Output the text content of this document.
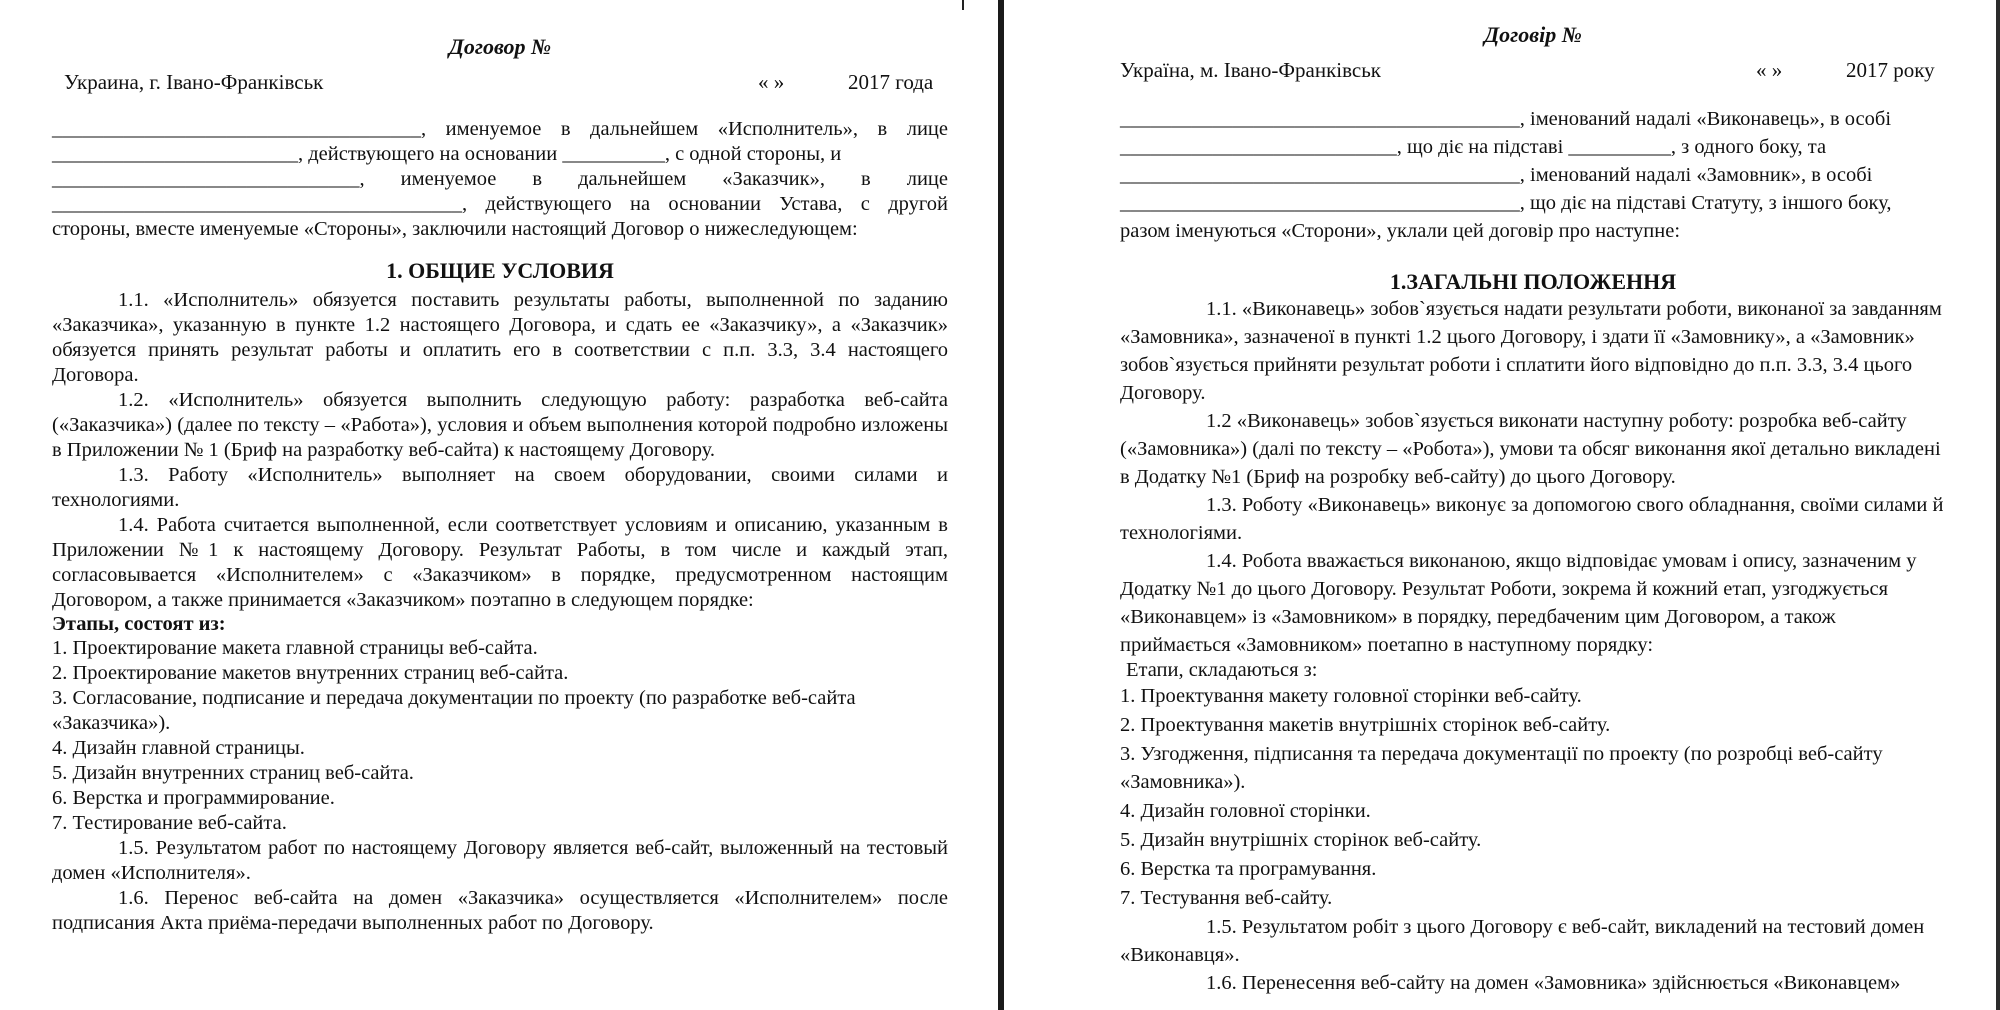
Договор №
Украина, г. Івано-Франківськ	« »	2017 года

____________________________________, именуемое в дальнейшем «Исполнитель», в лице ________________________, действующего на основании __________, с одной стороны, и

______________________________, именуемое в дальнейшем «Заказчик», в лице ________________________________________, действующего на основании Устава, с другой стороны, вместе именуемые «Стороны», заключили настоящий Договор о нижеследующем:

1. ОБЩИЕ УСЛОВИЯ

1.1. «Исполнитель» обязуется поставить результаты работы, выполненной по заданию «Заказчика», указанную в пункте 1.2 настоящего Договора, и сдать ее «Заказчику», а «Заказчик» обязуется принять результат работы и оплатить его в соответствии с п.п. 3.3, 3.4 настоящего Договора.

1.2. «Исполнитель» обязуется выполнить следующую работу: разработка веб-сайта («Заказчика») (далее по тексту – «Работа»), условия и объем выполнения которой подробно изложены в Приложении № 1 (Бриф на разработку веб-сайта) к настоящему Договору.

1.3. Работу «Исполнитель» выполняет на своем оборудовании, своими силами и технологиями.

1.4. Работа считается выполненной, если соответствует условиям и описанию, указанным в Приложении №1 к настоящему Договору. Результат Работы, в том числе и каждый этап, согласовывается «Исполнителем» с «Заказчиком» в порядке, предусмотренном настоящим Договором, а также принимается «Заказчиком» поэтапно в следующем порядке:

Этапы, состоят из:
1. Проектирование макета главной страницы веб-сайта.
2. Проектирование макетов внутренних страниц веб-сайта.
3. Согласование, подписание и передача документации по проекту (по разработке веб-сайта «Заказчика»).
4. Дизайн главной страницы.
5. Дизайн внутренних страниц веб-сайта.
6. Верстка и программирование.
7. Тестирование веб-сайта.

1.5. Результатом работ по настоящему Договору является веб-сайт, выложенный на тестовый домен «Исполнителя».

1.6. Перенос веб-сайта на домен «Заказчика» осуществляется «Исполнителем» после подписания Акта приёма-передачи выполненных работ по Договору.

Договір №
Україна, м. Івано-Франківськ	« »	2017 року

_______________________________________, іменований надалі «Виконавець», в особі ___________________________, що діє на підставі __________, з одного боку, та _______________________________________, іменований надалі «Замовник», в особі _______________________________________, що діє на підставі Статуту, з іншого боку, разом іменуються «Сторони», уклали цей договір про наступне:

1.ЗАГАЛЬНІ ПОЛОЖЕННЯ

1.1. «Виконавець» зобов`язується надати результати роботи, виконаної за завданням «Замовника», зазначеної в пункті 1.2 цього Договору, і здати її «Замовнику», а «Замовник» зобов`язується прийняти результат роботи і сплатити його відповідно до п.п. 3.3, 3.4 цього Договору.

1.2 «Виконавець» зобов`язується виконати наступну роботу: розробка веб-сайту («Замовника») (далі по тексту – «Робота»), умови та обсяг виконання якої детально викладені в Додатку №1 (Бриф на розробку веб-сайту) до цього Договору.

1.3. Роботу «Виконавець» виконує за допомогою свого обладнання, своїми силами й технологіями.

1.4. Робота вважається виконаною, якщо відповідає умовам і опису, зазначеним у Додатку №1 до цього Договору. Результат Роботи, зокрема й кожний етап, узгоджується «Виконавцем» із «Замовником» в порядку, передбаченим цим Договором, а також приймається «Замовником» поетапно в наступному порядку:

Етапи, складаються з:
1. Проектування макету головної сторінки веб-сайту.
2. Проектування макетів внутрішніх сторінок веб-сайту.
3. Узгодження, підписання та передача документації по проекту (по розробці веб-сайту «Замовника»).
4. Дизайн головної сторінки.
5. Дизайн внутрішніх сторінок веб-сайту.
6. Верстка та програмування.
7. Тестування веб-сайту.

1.5. Результатом робіт з цього Договору є веб-сайт, викладений на тестовий домен «Виконавця».

1.6. Перенесення веб-сайту на домен «Замовника» здійснюється «Виконавцем»
